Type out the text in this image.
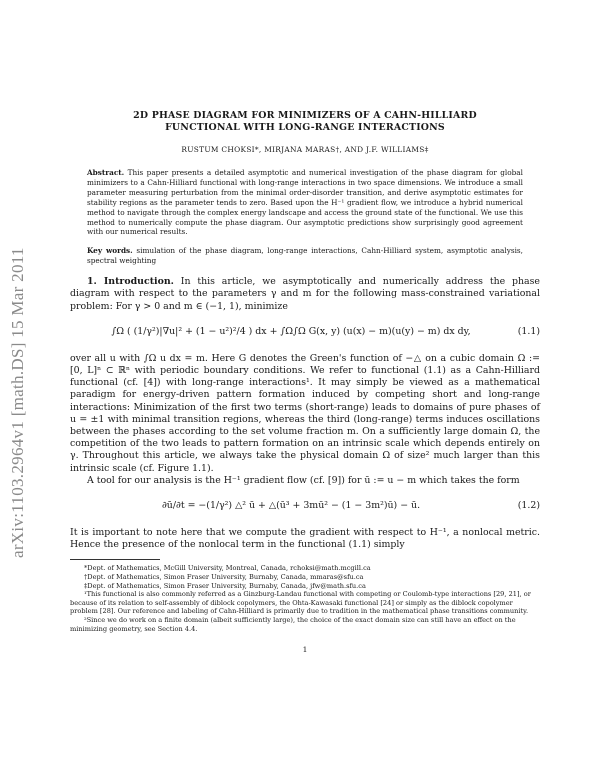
arXiv:1103.2964v1 [math.DS] 15 Mar 2011
2D PHASE DIAGRAM FOR MINIMIZERS OF A CAHN-HILLIARD
FUNCTIONAL WITH LONG-RANGE INTERACTIONS
RUSTUM CHOKSI*, MIRJANA MARAS†, AND J.F. WILLIAMS‡
Abstract. This paper presents a detailed asymptotic and numerical investigation of the phase diagram for global minimizers to a Cahn-Hilliard functional with long-range interactions in two space dimensions. We introduce a small parameter measuring perturbation from the minimal order-disorder transition, and derive asymptotic estimates for stability regions as the parameter tends to zero. Based upon the H⁻¹ gradient flow, we introduce a hybrid numerical method to navigate through the complex energy landscape and access the ground state of the functional. We use this method to numerically compute the phase diagram. Our asymptotic predictions show surprisingly good agreement with our numerical results.
Key words. simulation of the phase diagram, long-range interactions, Cahn-Hilliard system, asymptotic analysis, spectral weighting

1. Introduction. In this article, we asymptotically and numerically address the phase diagram with respect to the parameters γ and m for the following mass-constrained variational problem: For γ > 0 and m ∈ (−1, 1), minimize

∫Ω ( (1/γ²)|∇u|² + (1 − u²)²/4 ) dx + ∫Ω∫Ω G(x, y) (u(x) − m)(u(y) − m) dx dy,	(1.1)

over all u with ∫Ω u dx = m. Here G denotes the Green's function of −△ on a cubic domain Ω := [0, L]ⁿ ⊂ ℝⁿ with periodic boundary conditions. We refer to functional (1.1) as a Cahn-Hilliard functional (cf. [4]) with long-range interactions¹. It may simply be viewed as a mathematical paradigm for energy-driven pattern formation induced by competing short and long-range interactions: Minimization of the first two terms (short-range) leads to domains of pure phases of u = ±1 with minimal transition regions, whereas the third (long-range) terms induces oscillations between the phases according to the set volume fraction m. On a sufficiently large domain Ω, the competition of the two leads to pattern formation on an intrinsic scale which depends entirely on γ. Throughout this article, we always take the physical domain Ω of size² much larger than this intrinsic scale (cf. Figure 1.1).

A tool for our analysis is the H⁻¹ gradient flow (cf. [9]) for ū := u − m which takes the form

∂ū/∂t = −(1/γ²) △² ū + △(ū³ + 3mū² − (1 − 3m²)ū) − ū.	(1.2)

It is important to note here that we compute the gradient with respect to H⁻¹, a nonlocal metric. Hence the presence of the nonlocal term in the functional (1.1) simply

*Dept. of Mathematics, McGill University, Montreal, Canada, rchoksi@math.mcgill.ca

†Dept. of Mathematics, Simon Fraser University, Burnaby, Canada, mmaras@sfu.ca

‡Dept. of Mathematics, Simon Fraser University, Burnaby, Canada, jfw@math.sfu.ca

¹This functional is also commonly referred as a Ginzburg-Landau functional with competing or Coulomb-type interactions [29, 21], or because of its relation to self-assembly of diblock copolymers, the Ohta-Kawasaki functional [24] or simply as the diblock copolymer problem [28]. Our reference and labeling of Cahn-Hilliard is primarily due to tradition in the mathematical phase transitions community.

²Since we do work on a finite domain (albeit sufficiently large), the choice of the exact domain size can still have an effect on the minimizing geometry, see Section 4.4.

1
